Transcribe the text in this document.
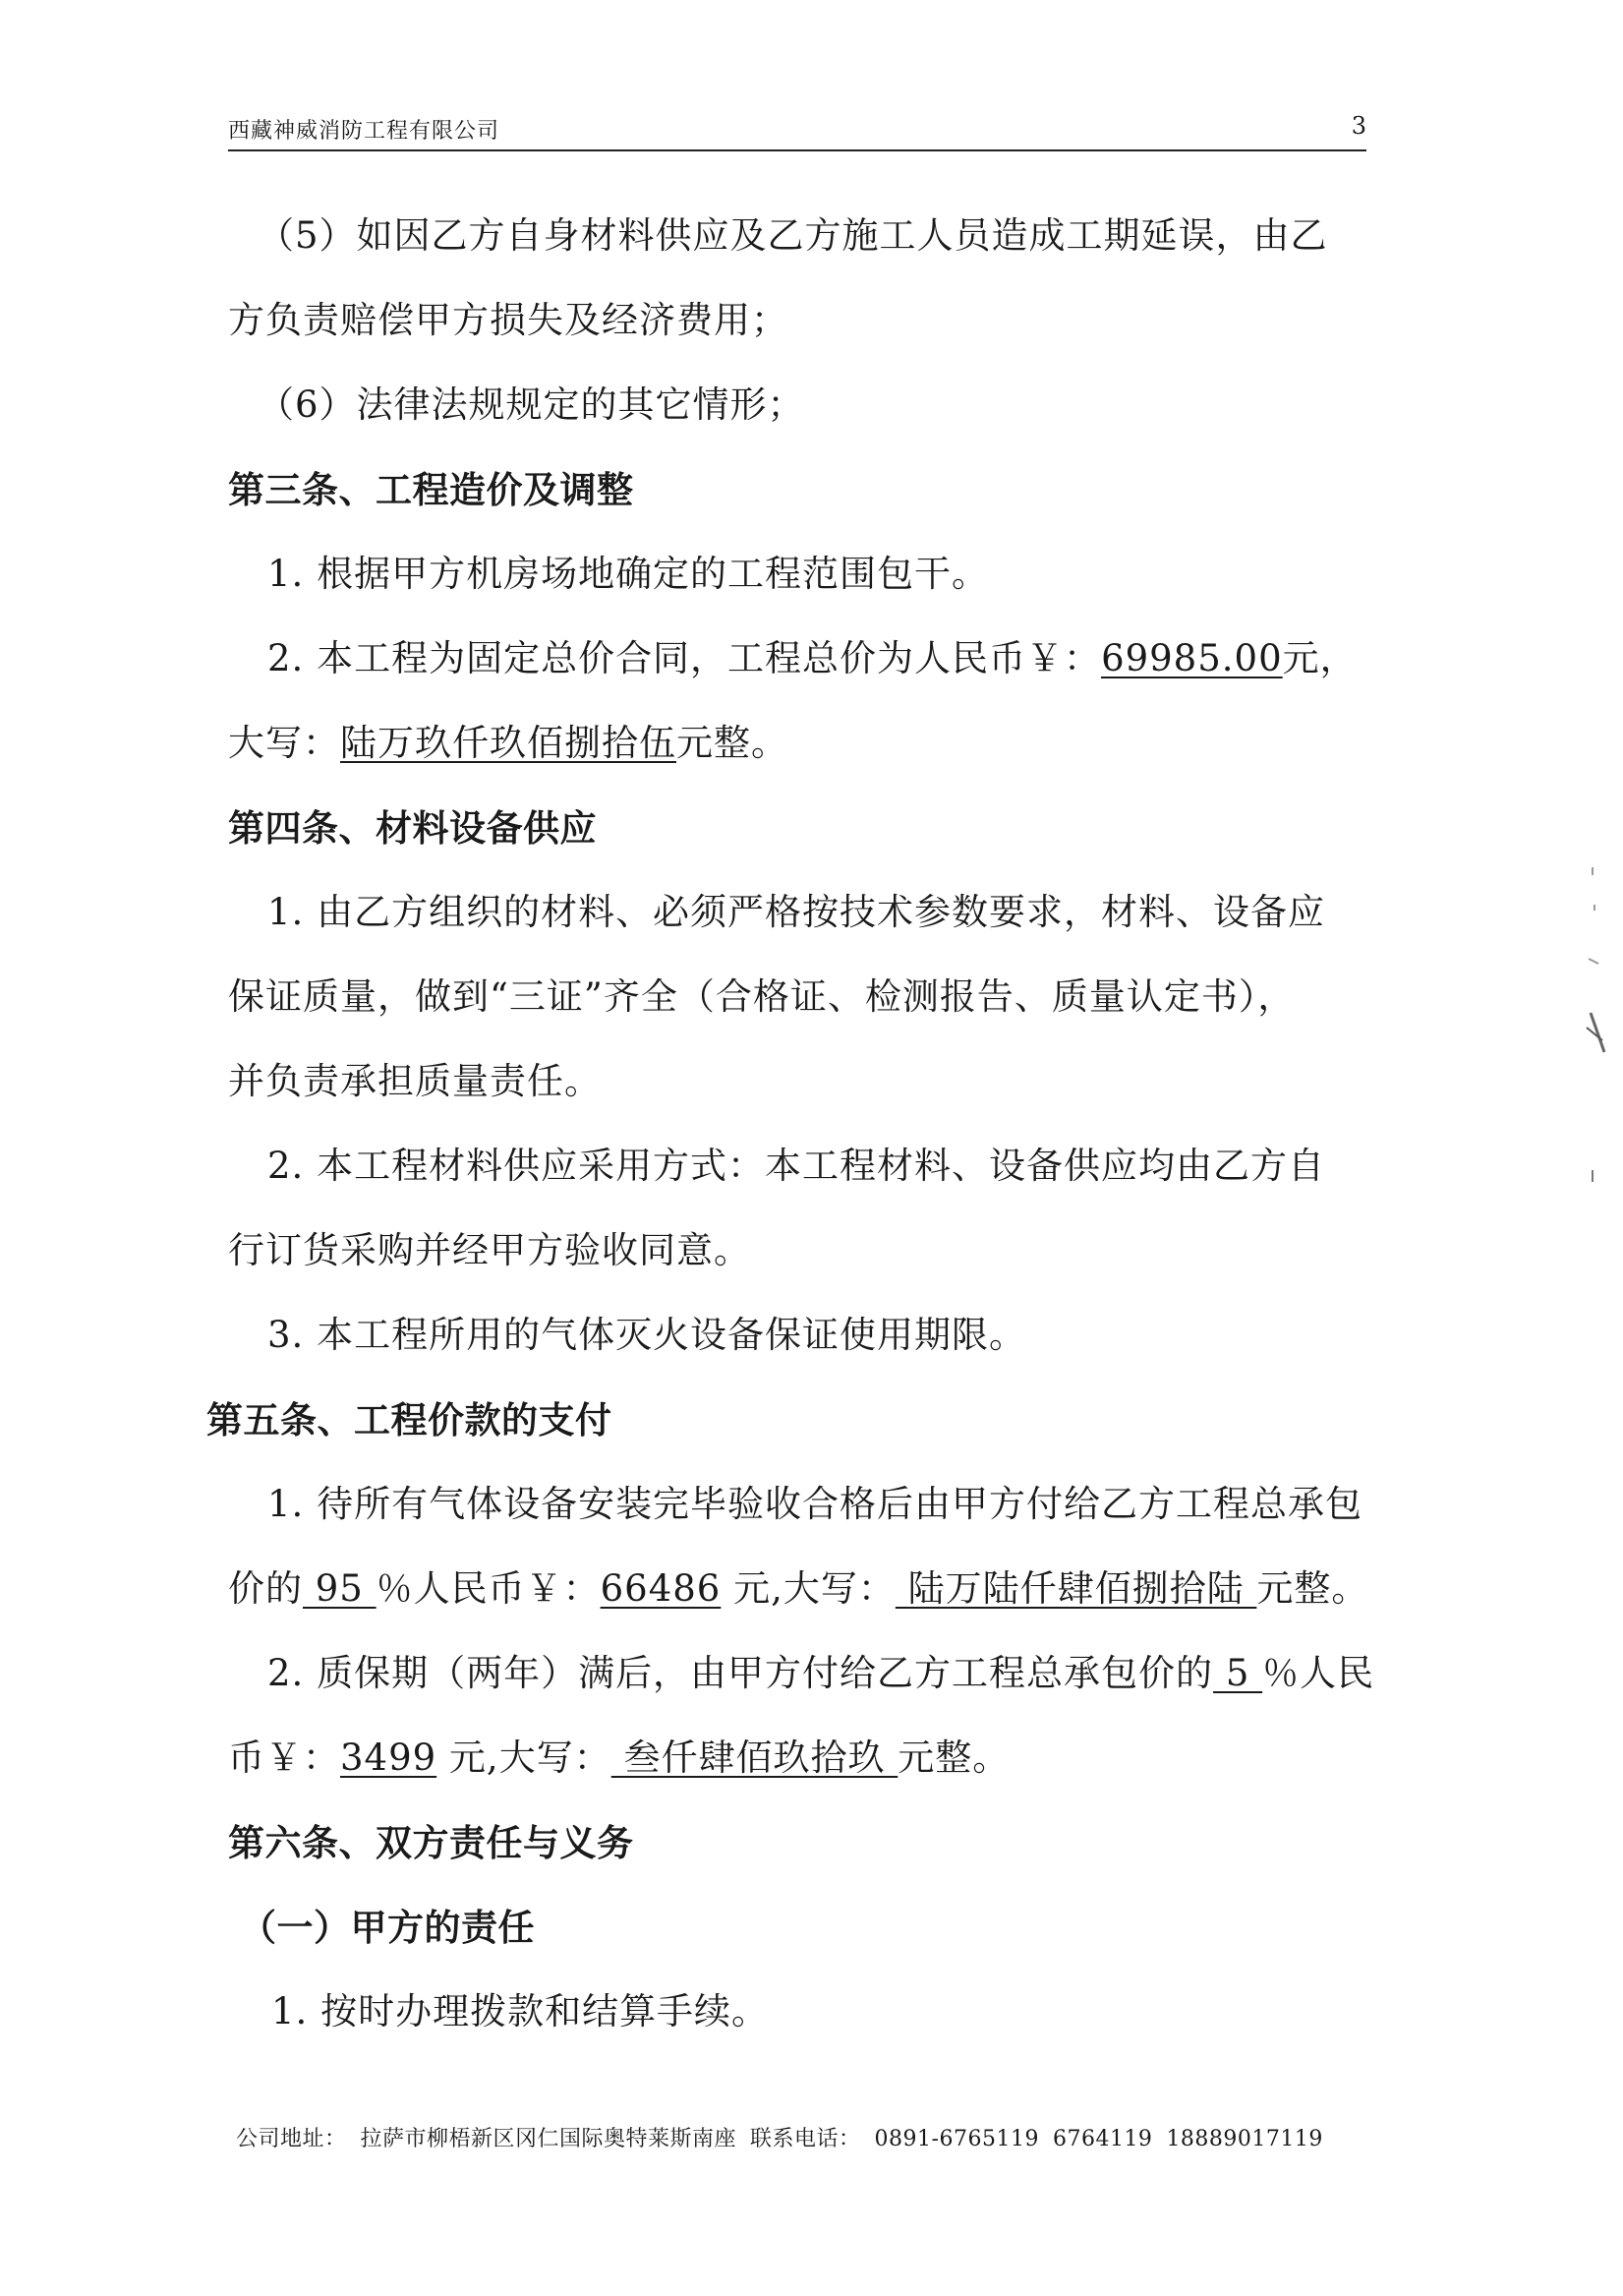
西藏神威消防工程有限公司	3
（5）如因乙方自身材料供应及乙方施工人员造成工期延误，由乙
方负责赔偿甲方损失及经济费用；
（6）法律法规规定的其它情形；
第三条、工程造价及调整
1. 根据甲方机房场地确定的工程范围包干。
2. 本工程为固定总价合同，工程总价为人民币￥：69985.00元，
大写：陆万玖仟玖佰捌拾伍元整。
第四条、材料设备供应
1. 由乙方组织的材料、必须严格按技术参数要求，材料、设备应
保证质量，做到“三证”齐全（合格证、检测报告、质量认定书），
并负责承担质量责任。
2. 本工程材料供应采用方式：本工程材料、设备供应均由乙方自
行订货采购并经甲方验收同意。
3. 本工程所用的气体灭火设备保证使用期限。
第五条、工程价款的支付
1. 待所有气体设备安装完毕验收合格后由甲方付给乙方工程总承包
价的 95 ％人民币￥：66486 元,大写： 陆万陆仟肆佰捌拾陆 元整。
2. 质保期（两年）满后，由甲方付给乙方工程总承包价的 5 ％人民
币￥：3499 元,大写： 叁仟肆佰玖拾玖 元整。
第六条、双方责任与义务
（一）甲方的责任
1. 按时办理拨款和结算手续。
公司地址： 拉萨市柳梧新区冈仁国际奥特莱斯南座 联系电话： 0891-6765119 6764119 18889017119
